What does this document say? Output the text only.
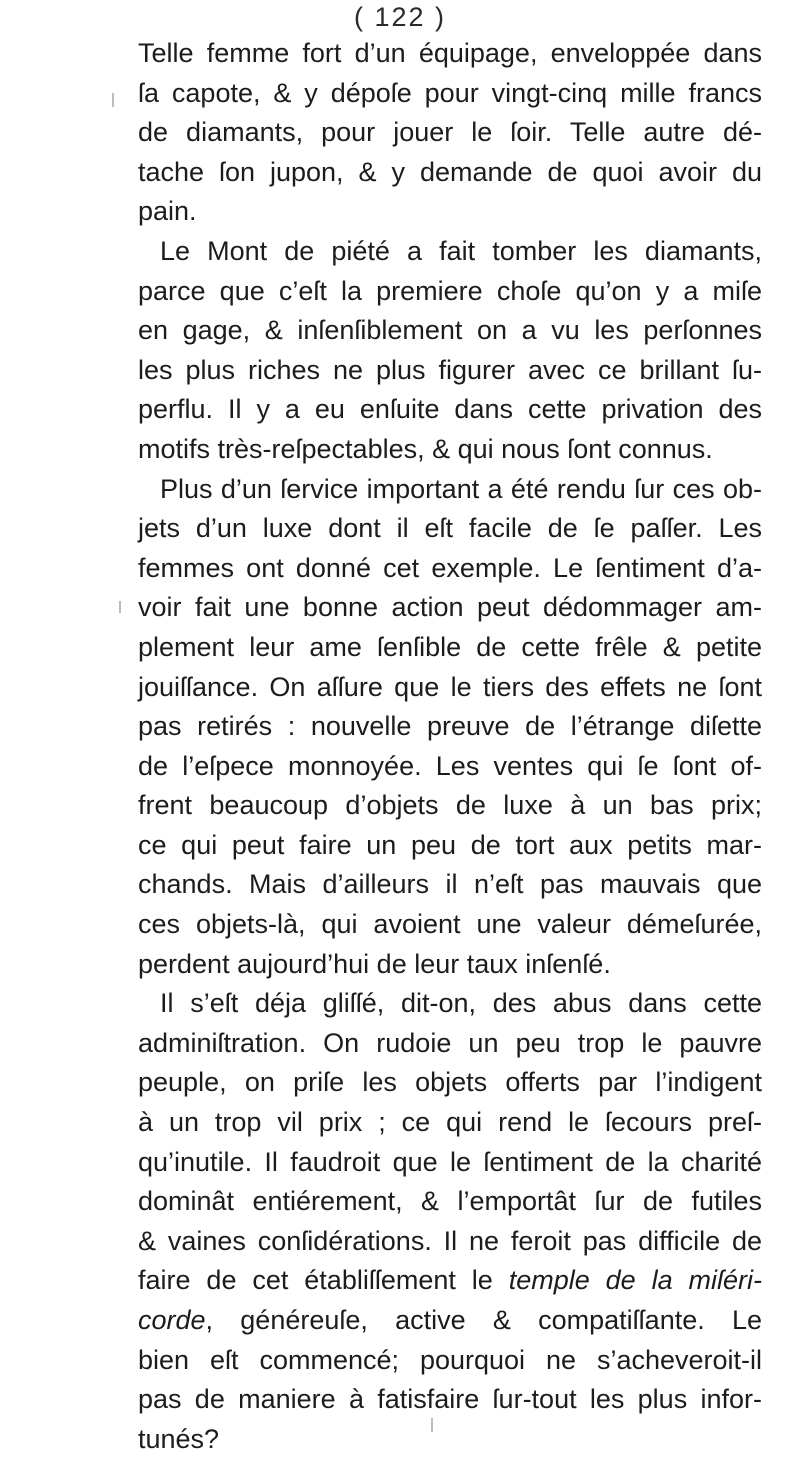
( 122 )
Telle femme fort d’un équipage, enveloppée dans
ſa capote, & y dépoſe pour vingt-cinq mille francs
de diamants, pour jouer le ſoir. Telle autre dé-
tache ſon jupon, & y demande de quoi avoir du
pain.
Le Mont de piété a fait tomber les diamants,
parce que c’eſt la premiere choſe qu’on y a miſe
en gage, & inſenſiblement on a vu les perſonnes
les plus riches ne plus figurer avec ce brillant ſu-
perflu. Il y a eu enſuite dans cette privation des
motifs très-reſpectables, & qui nous ſont connus.
Plus d’un ſervice important a été rendu ſur ces ob-
jets d’un luxe dont il eſt facile de ſe paſſer. Les
femmes ont donné cet exemple. Le ſentiment d’a-
voir fait une bonne action peut dédommager am-
plement leur ame ſenſible de cette frêle & petite
jouiſſance. On aſſure que le tiers des effets ne ſont
pas retirés : nouvelle preuve de l’étrange diſette
de l’eſpece monnoyée. Les ventes qui ſe ſont of-
frent beaucoup d’objets de luxe à un bas prix;
ce qui peut faire un peu de tort aux petits mar-
chands. Mais d’ailleurs il n’eſt pas mauvais que
ces objets-là, qui avoient une valeur démeſurée,
perdent aujourd’hui de leur taux inſenſé.
Il s’eſt déja gliſſé, dit-on, des abus dans cette
adminiſtration. On rudoie un peu trop le pauvre
peuple, on priſe les objets offerts par l’indigent
à un trop vil prix ; ce qui rend le ſecours preſ-
qu’inutile. Il faudroit que le ſentiment de la charité
dominât entiérement, & l’emportât ſur de futiles
& vaines conſidérations. Il ne feroit pas difficile de
faire de cet établiſſement le temple de la miſéri-
corde, généreuſe, active & compatiſſante. Le
bien eſt commencé; pourquoi ne s’acheveroit-il
pas de maniere à fatisfaire ſur-tout les plus infor-
tunés?
